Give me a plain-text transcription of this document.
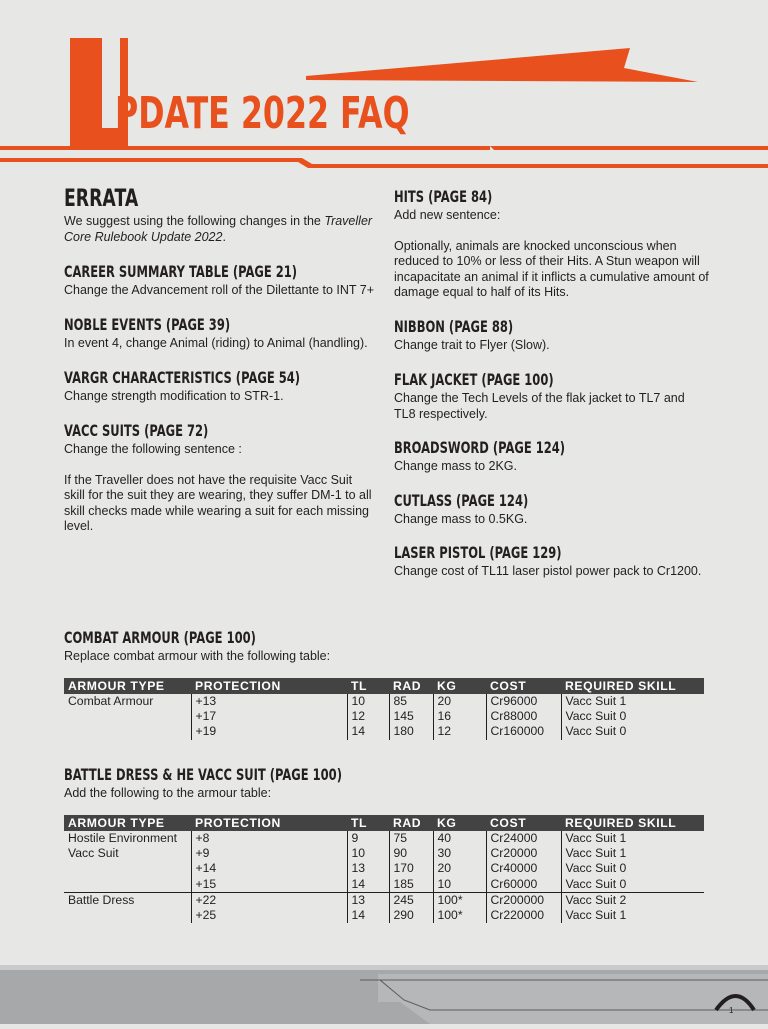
PDATE 2022 FAQ
ERRATA
We suggest using the following changes in the Traveller Core Rulebook Update 2022.
CAREER SUMMARY TABLE (PAGE 21)
Change the Advancement roll of the Dilettante to INT 7+
NOBLE EVENTS (PAGE 39)
In event 4, change Animal (riding) to Animal (handling).
VARGR CHARACTERISTICS (PAGE 54)
Change strength modification to STR-1.
VACC SUITS (PAGE 72)
Change the following sentence :
If the Traveller does not have the requisite Vacc Suit skill for the suit they are wearing, they suffer DM-1 to all skill checks made while wearing a suit for each missing level.
HITS (PAGE 84)
Add new sentence:
Optionally, animals are knocked unconscious when reduced to 10% or less of their Hits. A Stun weapon will incapacitate an animal if it inflicts a cumulative amount of damage equal to half of its Hits.
NIBBON (PAGE 88)
Change trait to Flyer (Slow).
FLAK JACKET (PAGE 100)
Change the Tech Levels of the flak jacket to TL7 and TL8 respectively.
BROADSWORD (PAGE 124)
Change mass to 2KG.
CUTLASS (PAGE 124)
Change mass to 0.5KG.
LASER PISTOL (PAGE 129)
Change cost of TL11 laser pistol power pack to Cr1200.
COMBAT ARMOUR (PAGE 100)
Replace combat armour with the following table:
ARMOUR TYPE	PROTECTION	TL	RAD	KG	COST	REQUIRED SKILL
Combat Armour	+13	10	85	20	Cr96000	Vacc Suit 1
	+17	12	145	16	Cr88000	Vacc Suit 0
	+19	14	180	12	Cr160000	Vacc Suit 0
BATTLE DRESS & HE VACC SUIT (PAGE 100)
Add the following to the armour table:
ARMOUR TYPE	PROTECTION	TL	RAD	KG	COST	REQUIRED SKILL
Hostile Environment	+8	9	75	40	Cr24000	Vacc Suit 1
Vacc Suit	+9	10	90	30	Cr20000	Vacc Suit 1
	+14	13	170	20	Cr40000	Vacc Suit 0
	+15	14	185	10	Cr60000	Vacc Suit 0
Battle Dress	+22	13	245	100*	Cr200000	Vacc Suit 2
	+25	14	290	100*	Cr220000	Vacc Suit 1
1
